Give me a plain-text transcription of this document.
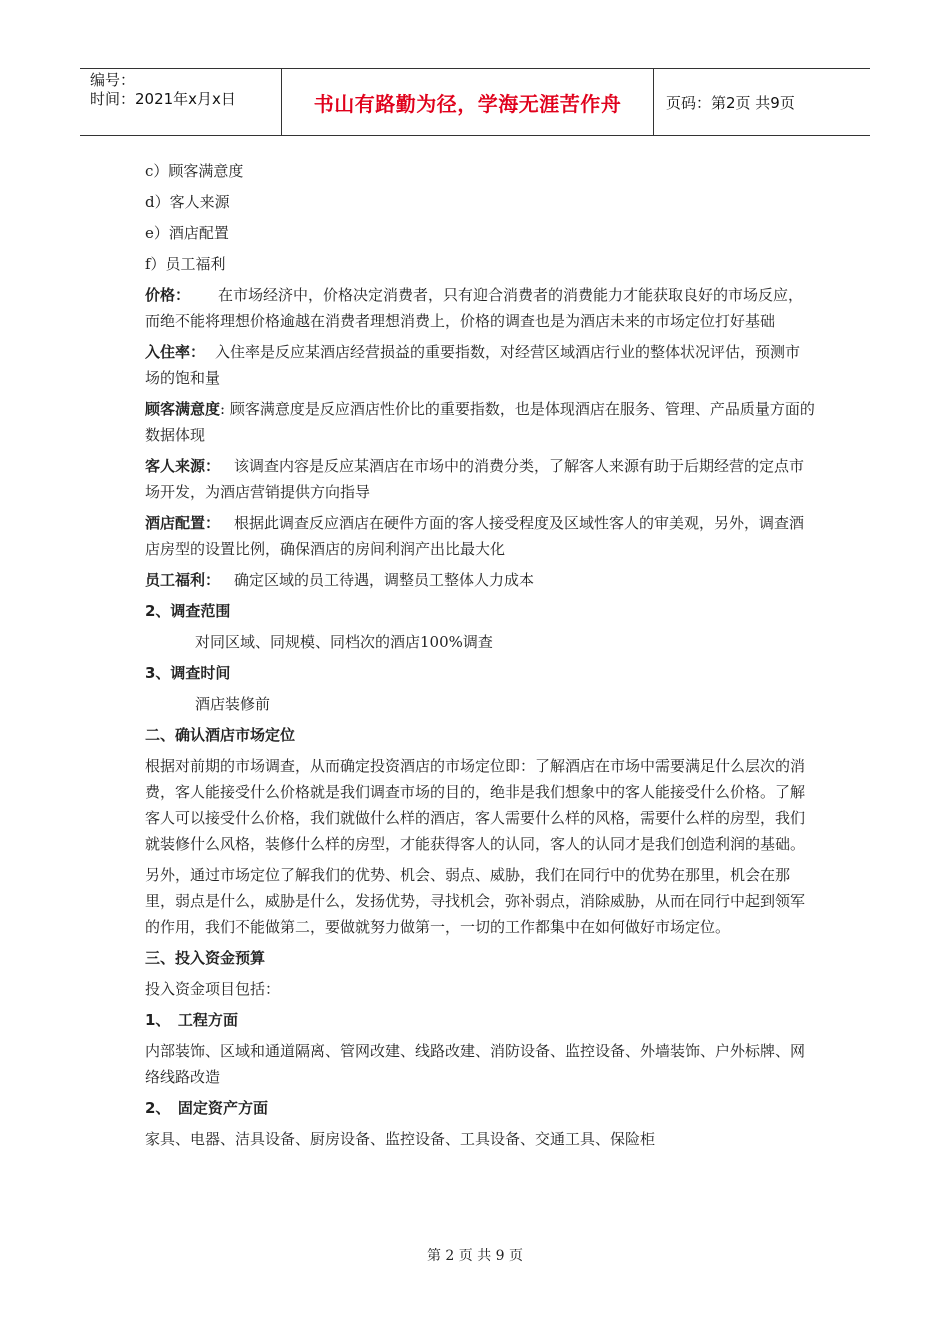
编号：
时间：2021年x月x日	书山有路勤为径，学海无涯苦作舟	页码：第2页 共9页
c）顾客满意度
d）客人来源
e）酒店配置
f）员工福利

价格： 在市场经济中，价格决定消费者，只有迎合消费者的消费能力才能获取良好的市场反应，而绝不能将理想价格逾越在消费者理想消费上，价格的调查也是为酒店未来的市场定位打好基础

入住率： 入住率是反应某酒店经营损益的重要指数，对经营区域酒店行业的整体状况评估，预测市场的饱和量

顾客满意度: 顾客满意度是反应酒店性价比的重要指数，也是体现酒店在服务、管理、产品质量方面的数据体现

客人来源： 该调查内容是反应某酒店在市场中的消费分类，了解客人来源有助于后期经营的定点市场开发，为酒店营销提供方向指导

酒店配置： 根据此调查反应酒店在硬件方面的客人接受程度及区域性客人的审美观，另外，调查酒店房型的设置比例，确保酒店的房间利润产出比最大化

员工福利： 确定区域的员工待遇，调整员工整体人力成本

2、调查范围
对同区域、同规模、同档次的酒店100%调查
3、调查时间
酒店装修前
二、确认酒店市场定位

根据对前期的市场调查，从而确定投资酒店的市场定位即：了解酒店在市场中需要满足什么层次的消费，客人能接受什么价格就是我们调查市场的目的，绝非是我们想象中的客人能接受什么价格。了解客人可以接受什么价格，我们就做什么样的酒店，客人需要什么样的风格，需要什么样的房型，我们就装修什么风格，装修什么样的房型，才能获得客人的认同，客人的认同才是我们创造利润的基础。

另外，通过市场定位了解我们的优势、机会、弱点、威胁，我们在同行中的优势在那里，机会在那里，弱点是什么，威胁是什么，发扬优势，寻找机会，弥补弱点，消除威胁，从而在同行中起到领军的作用，我们不能做第二，要做就努力做第一，一切的工作都集中在如何做好市场定位。

三、投入资金预算
投入资金项目包括：
1、　工程方面

内部装饰、区域和通道隔离、管网改建、线路改建、消防设备、监控设备、外墙装饰、户外标牌、网络线路改造

2、　固定资产方面
家具、电器、洁具设备、厨房设备、监控设备、工具设备、交通工具、保险柜
第 2 页 共 9 页
